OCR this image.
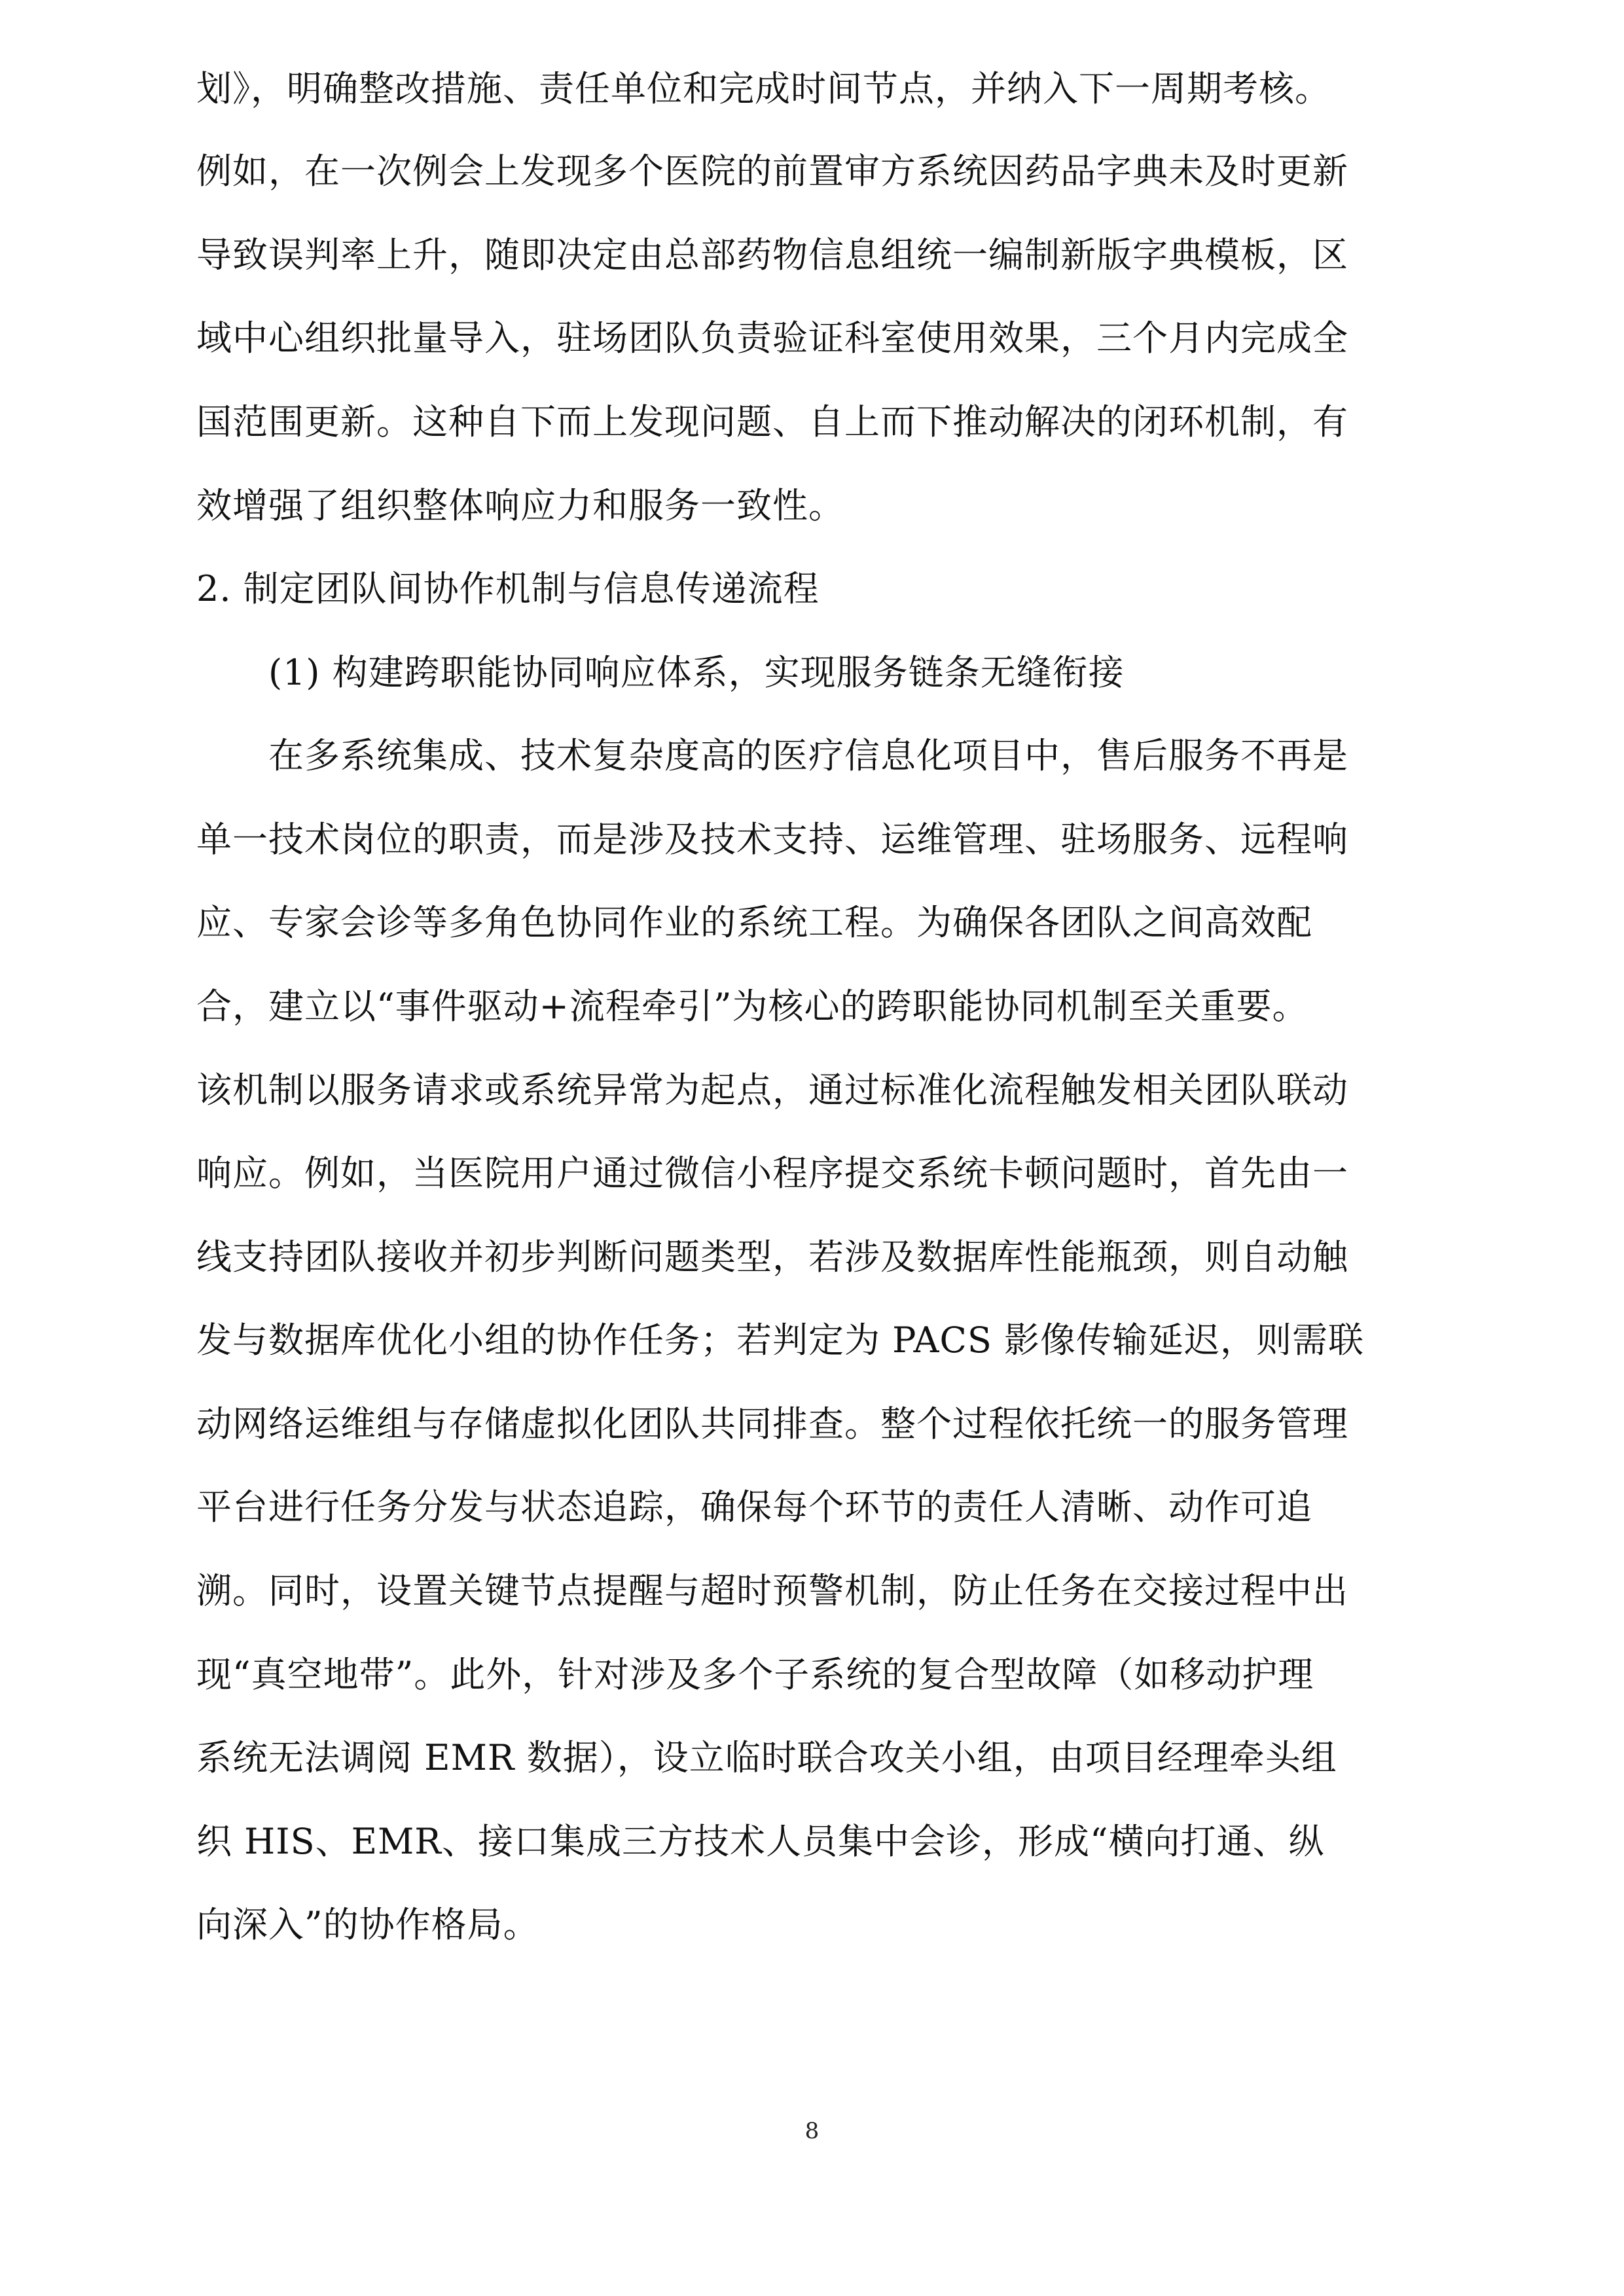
划》，明确整改措施、责任单位和完成时间节点，并纳入下一周期考核。
例如，在一次例会上发现多个医院的前置审方系统因药品字典未及时更新
导致误判率上升，随即决定由总部药物信息组统一编制新版字典模板，区
域中心组织批量导入，驻场团队负责验证科室使用效果，三个月内完成全
国范围更新。这种自下而上发现问题、自上而下推动解决的闭环机制，有
效增强了组织整体响应力和服务一致性。
2. 制定团队间协作机制与信息传递流程
(1) 构建跨职能协同响应体系，实现服务链条无缝衔接
在多系统集成、技术复杂度高的医疗信息化项目中，售后服务不再是
单一技术岗位的职责，而是涉及技术支持、运维管理、驻场服务、远程响
应、专家会诊等多角色协同作业的系统工程。为确保各团队之间高效配
合，建立以“事件驱动+流程牵引”为核心的跨职能协同机制至关重要。
该机制以服务请求或系统异常为起点，通过标准化流程触发相关团队联动
响应。例如，当医院用户通过微信小程序提交系统卡顿问题时，首先由一
线支持团队接收并初步判断问题类型，若涉及数据库性能瓶颈，则自动触
发与数据库优化小组的协作任务；若判定为 PACS 影像传输延迟，则需联
动网络运维组与存储虚拟化团队共同排查。整个过程依托统一的服务管理
平台进行任务分发与状态追踪，确保每个环节的责任人清晰、动作可追
溯。同时，设置关键节点提醒与超时预警机制，防止任务在交接过程中出
现“真空地带”。此外，针对涉及多个子系统的复合型故障（如移动护理
系统无法调阅 EMR 数据），设立临时联合攻关小组，由项目经理牵头组
织 HIS、EMR、接口集成三方技术人员集中会诊，形成“横向打通、纵
向深入”的协作格局。
8
